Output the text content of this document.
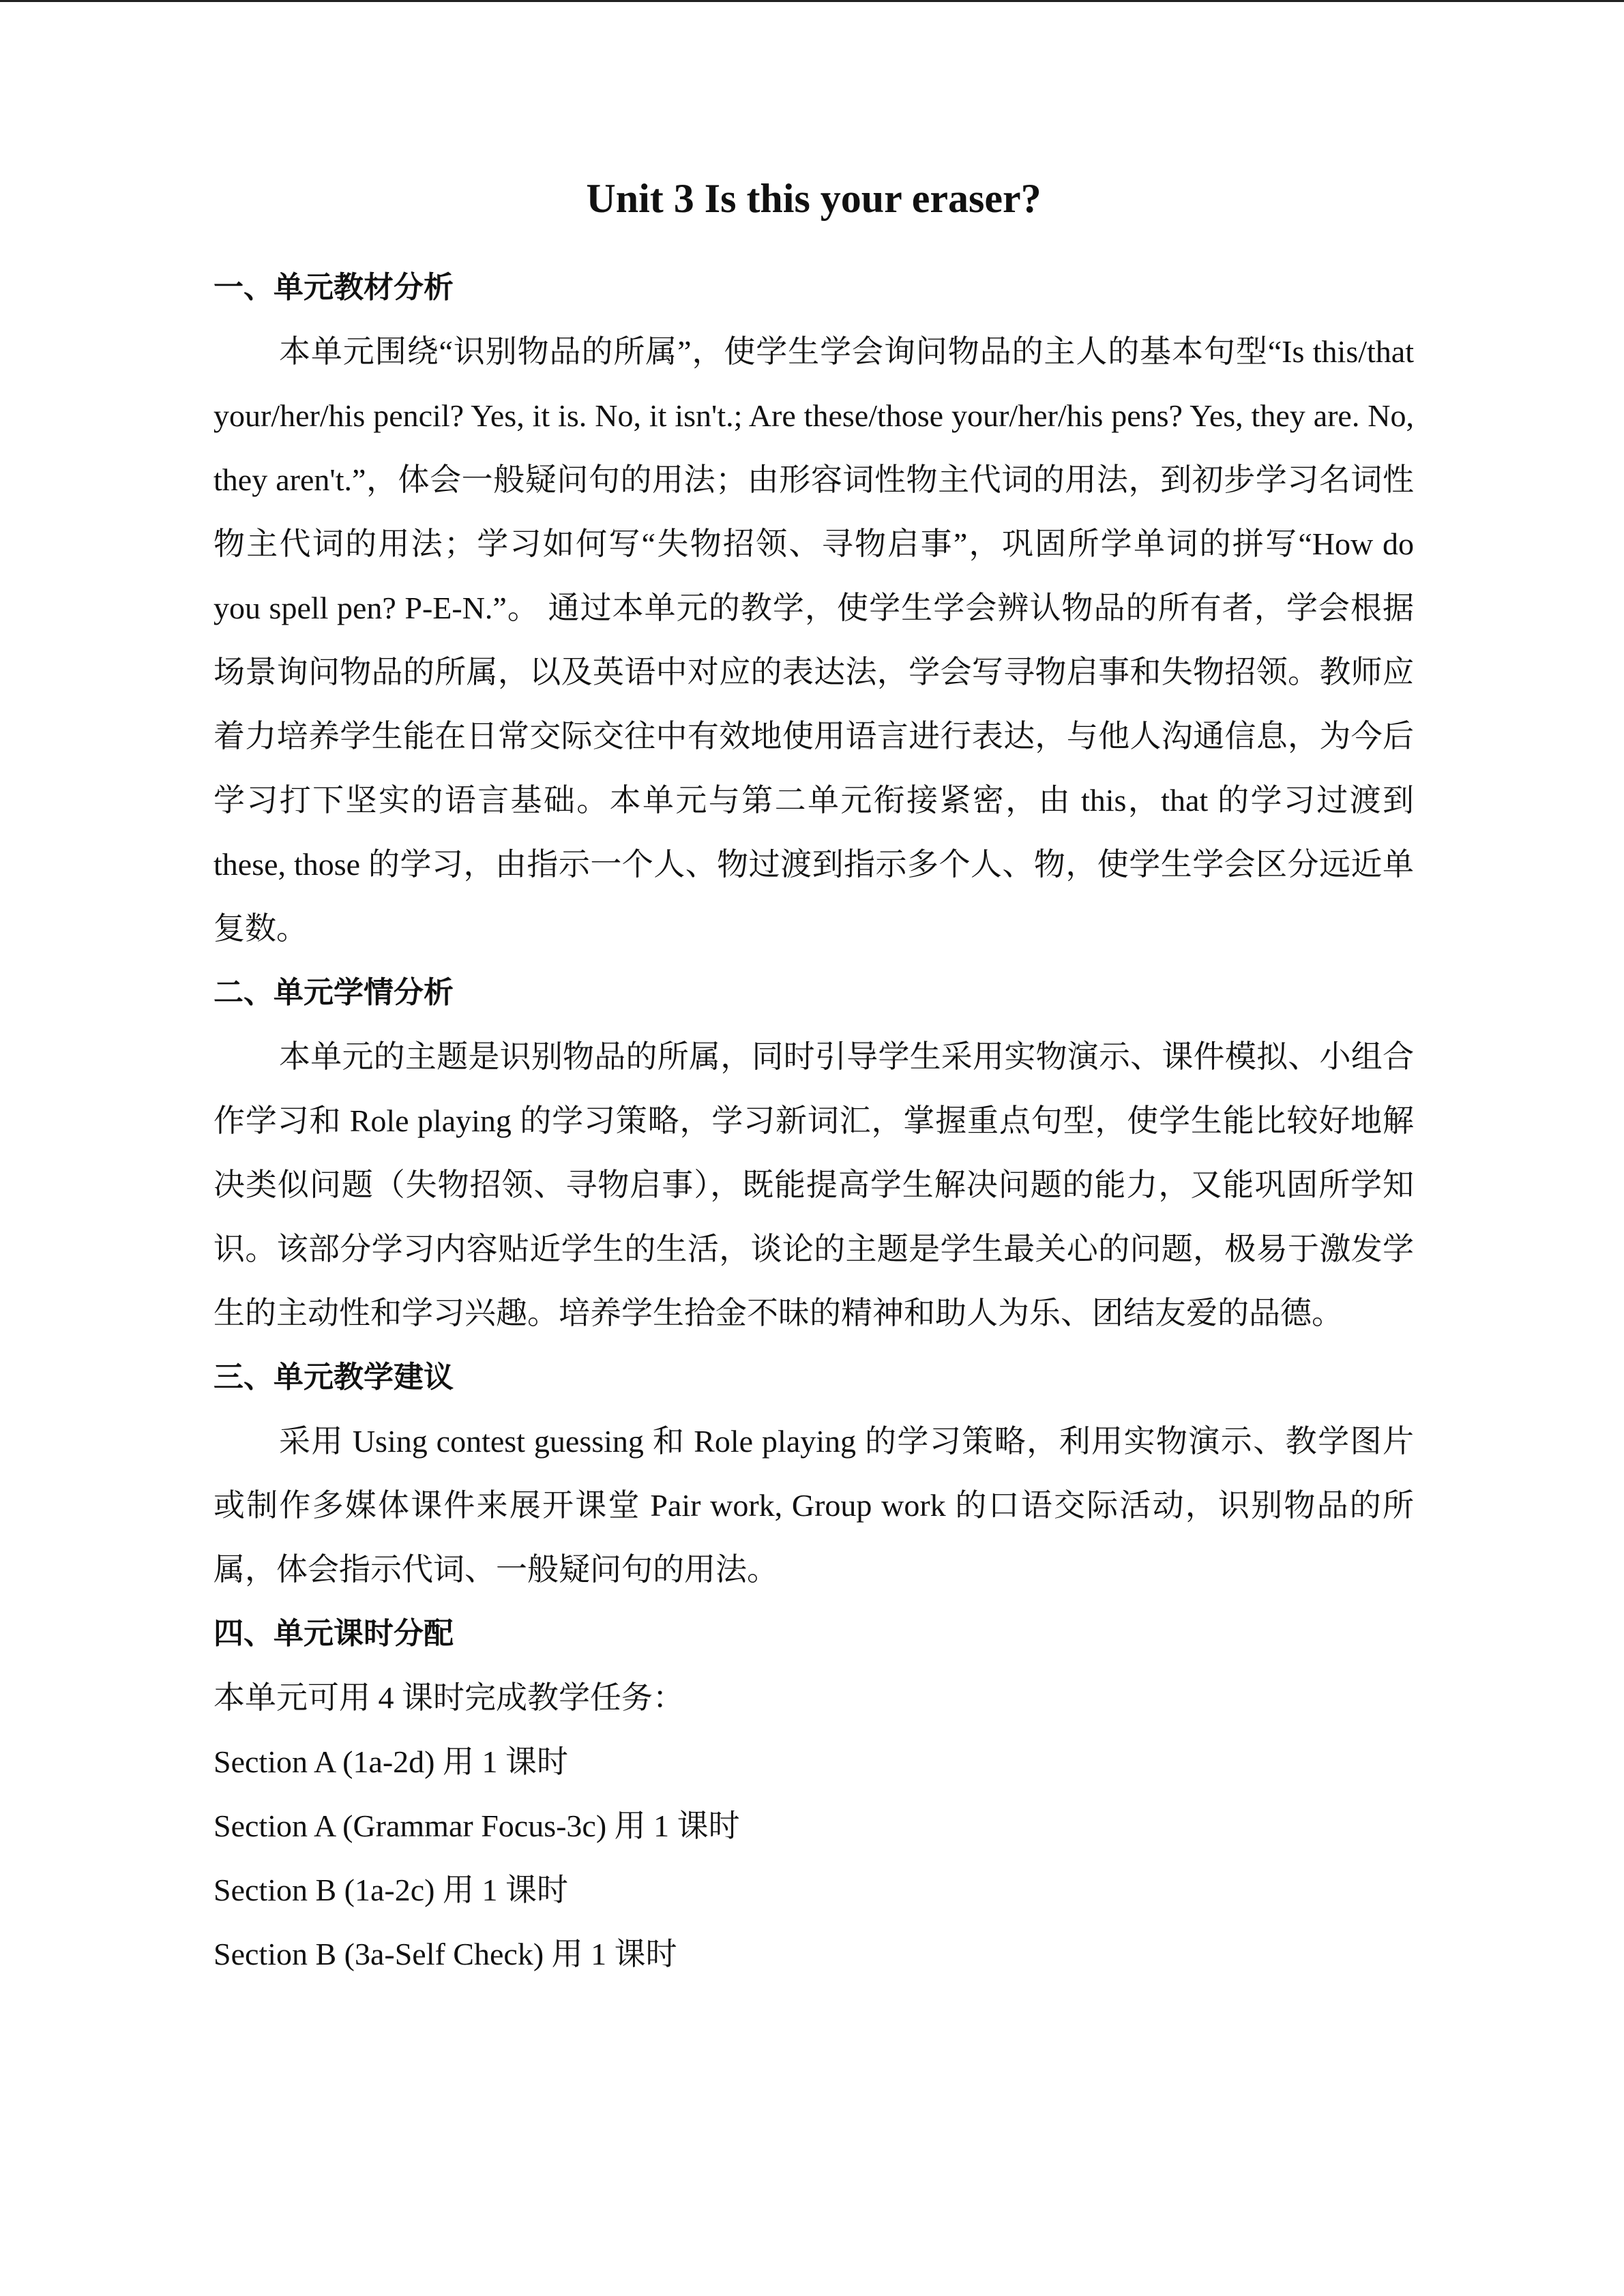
Unit 3 Is this your eraser?
一、单元教材分析

本单元围绕“识别物品的所属”，使学生学会询问物品的主人的基本句型“Is this/that your/her/his pencil? Yes, it is. No, it isn't.; Are these/those your/her/his pens? Yes, they are. No, they aren't.”，体会一般疑问句的用法；由形容词性物主代词的用法，到初步学习名词性物主代词的用法；学习如何写“失物招领、寻物启事”，巩固所学单词的拼写“How do you spell pen? P-E-N.”。 通过本单元的教学，使学生学会辨认物品的所有者，学会根据场景询问物品的所属，以及英语中对应的表达法，学会写寻物启事和失物招领。教师应着力培养学生能在日常交际交往中有效地使用语言进行表达，与他人沟通信息，为今后学习打下坚实的语言基础。本单元与第二单元衔接紧密，由 this，that 的学习过渡到 these, those 的学习，由指示一个人、物过渡到指示多个人、物，使学生学会区分远近单复数。

二、单元学情分析

本单元的主题是识别物品的所属，同时引导学生采用实物演示、课件模拟、小组合作学习和 Role playing 的学习策略，学习新词汇，掌握重点句型，使学生能比较好地解决类似问题（失物招领、寻物启事），既能提高学生解决问题的能力，又能巩固所学知识。该部分学习内容贴近学生的生活，谈论的主题是学生最关心的问题，极易于激发学生的主动性和学习兴趣。培养学生拾金不昧的精神和助人为乐、团结友爱的品德。

三、单元教学建议

采用 Using contest guessing 和 Role playing 的学习策略，利用实物演示、教学图片或制作多媒体课件来展开课堂 Pair work, Group work 的口语交际活动，识别物品的所属，体会指示代词、一般疑问句的用法。

四、单元课时分配

本单元可用 4 课时完成教学任务：

Section A (1a-2d) 用 1 课时

Section A (Grammar Focus-3c) 用 1 课时

Section B (1a-2c) 用 1 课时

Section B (3a-Self Check) 用 1 课时
